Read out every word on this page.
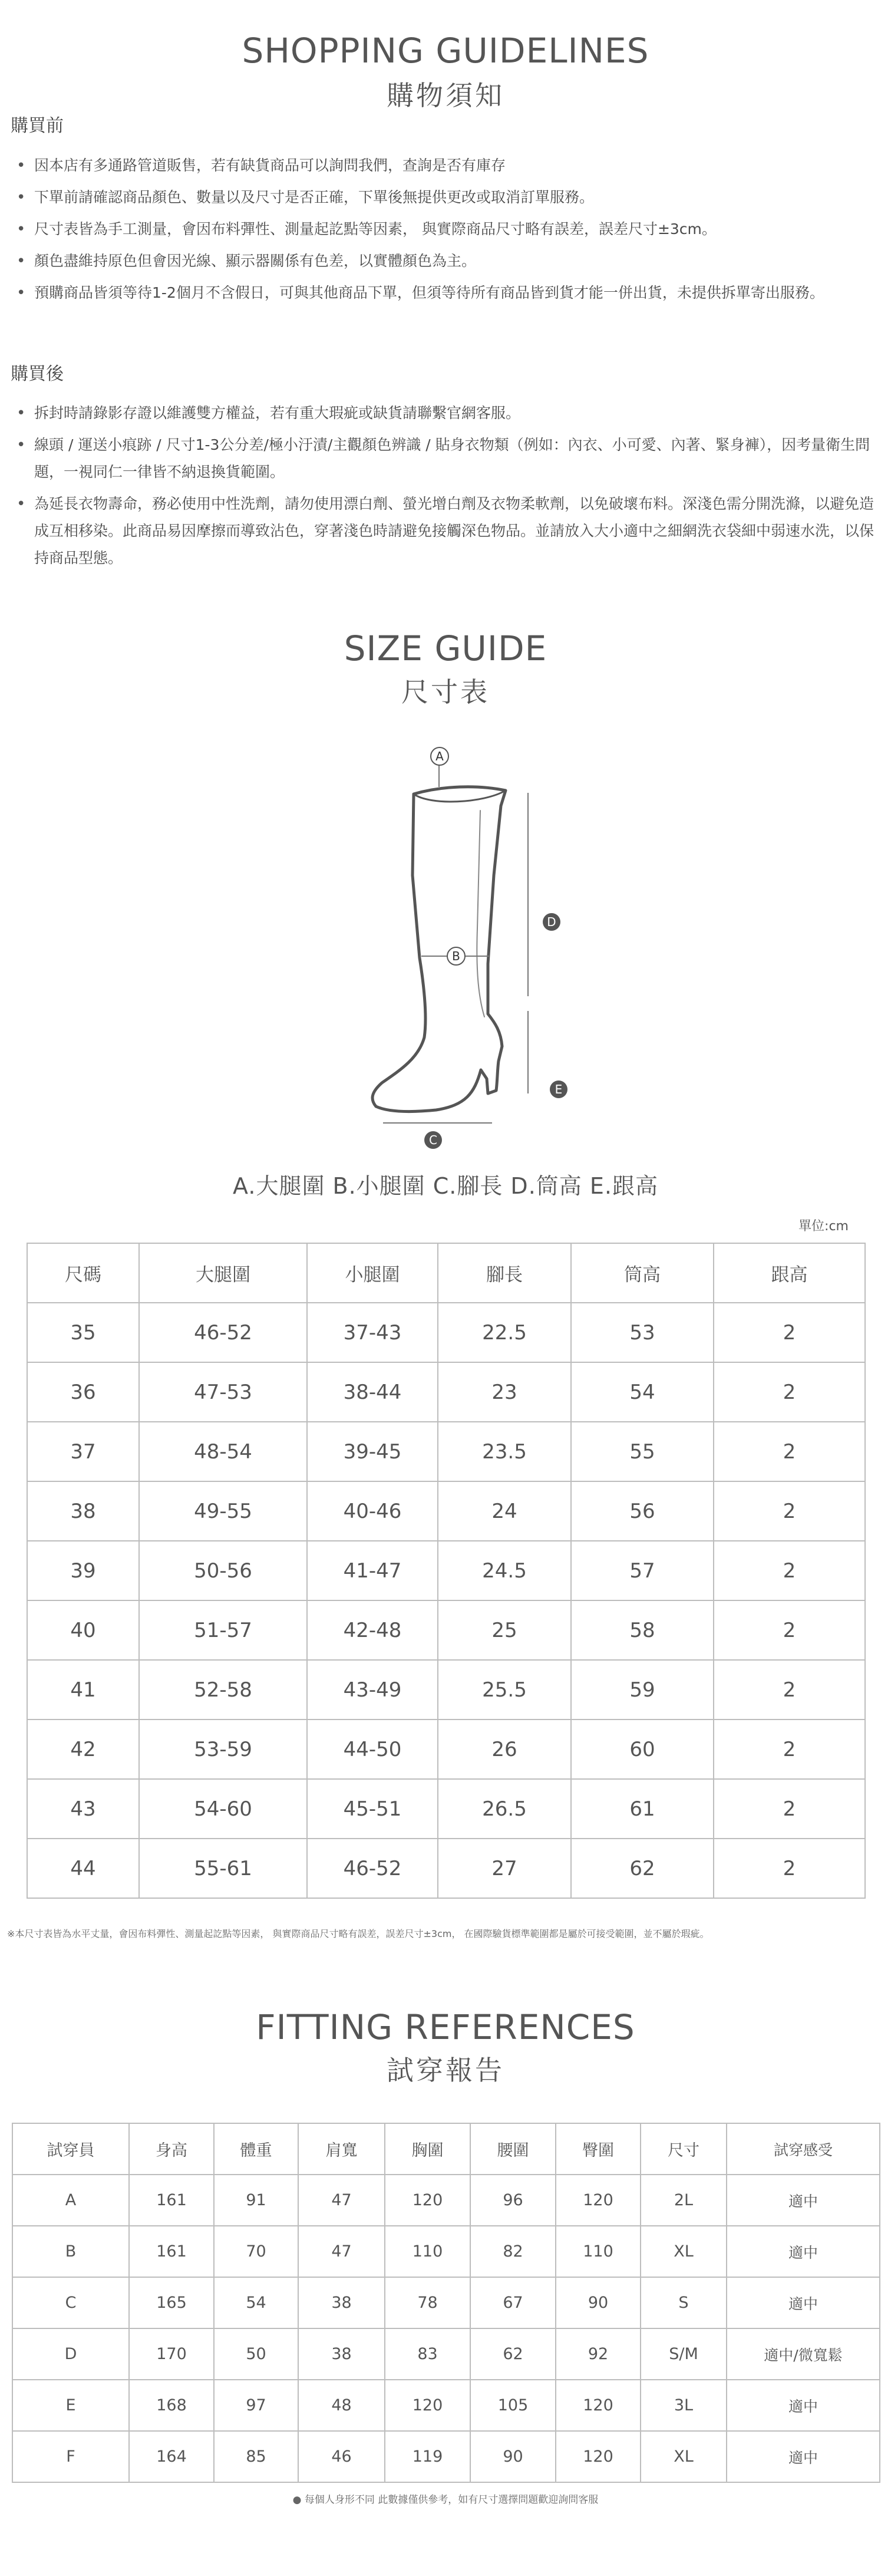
SHOPPING GUIDELINES
購物須知
購買前
• 因本店有多通路管道販售，若有缺貨商品可以詢問我們，查詢是否有庫存
• 下單前請確認商品顏色、數量以及尺寸是否正確，下單後無提供更改或取消訂單服務。
• 尺寸表皆為手工測量，會因布料彈性、測量起訖點等因素， 與實際商品尺寸略有誤差，誤差尺寸±3cm。
• 顏色盡維持原色但會因光線、顯示器關係有色差，以實體顏色為主。
• 預購商品皆須等待1-2個月不含假日，可與其他商品下單，但須等待所有商品皆到貨才能一併出貨，未提供拆單寄出服務。
購買後
• 拆封時請錄影存證以維護雙方權益，若有重大瑕疵或缺貨請聯繫官網客服。
• 線頭 / 運送小痕跡 / 尺寸1-3公分差/極小汙漬/主觀顏色辨識 / 貼身衣物類（例如：內衣、小可愛、內著、緊身褲），因考量衛生問題，一視同仁一律皆不納退換貨範圍。
• 為延長衣物壽命，務必使用中性洗劑，請勿使用漂白劑、螢光增白劑及衣物柔軟劑，以免破壞布料。深淺色需分開洗滌，以避免造成互相移染。此商品易因摩擦而導致沾色，穿著淺色時請避免接觸深色物品。並請放入大小適中之細網洗衣袋細中弱速水洗，以保持商品型態。
SIZE GUIDE
尺寸表
A
B
C
D
E
A.大腿圍 B.小腿圍 C.腳長 D.筒高 E.跟高
單位:cm
尺碼	大腿圍	小腿圍	腳長	筒高	跟高
35	46-52	37-43	22.5	53	2
36	47-53	38-44	23	54	2
37	48-54	39-45	23.5	55	2
38	49-55	40-46	24	56	2
39	50-56	41-47	24.5	57	2
40	51-57	42-48	25	58	2
41	52-58	43-49	25.5	59	2
42	53-59	44-50	26	60	2
43	54-60	45-51	26.5	61	2
44	55-61	46-52	27	62	2
※本尺寸表皆為水平丈量，會因布料彈性、測量起訖點等因素， 與實際商品尺寸略有誤差，誤差尺寸±3cm， 在國際驗貨標準範圍都是屬於可接受範圍，並不屬於瑕疵。
FITTING REFERENCES
試穿報告
試穿員	身高	體重	肩寬	胸圍	腰圍	臀圍	尺寸	試穿感受
A	161	91	47	120	96	120	2L	適中
B	161	70	47	110	82	110	XL	適中
C	165	54	38	78	67	90	S	適中
D	170	50	38	83	62	92	S/M	適中/微寬鬆
E	168	97	48	120	105	120	3L	適中
F	164	85	46	119	90	120	XL	適中
● 每個人身形不同 此數據僅供參考，如有尺寸選擇問題歡迎詢問客服
